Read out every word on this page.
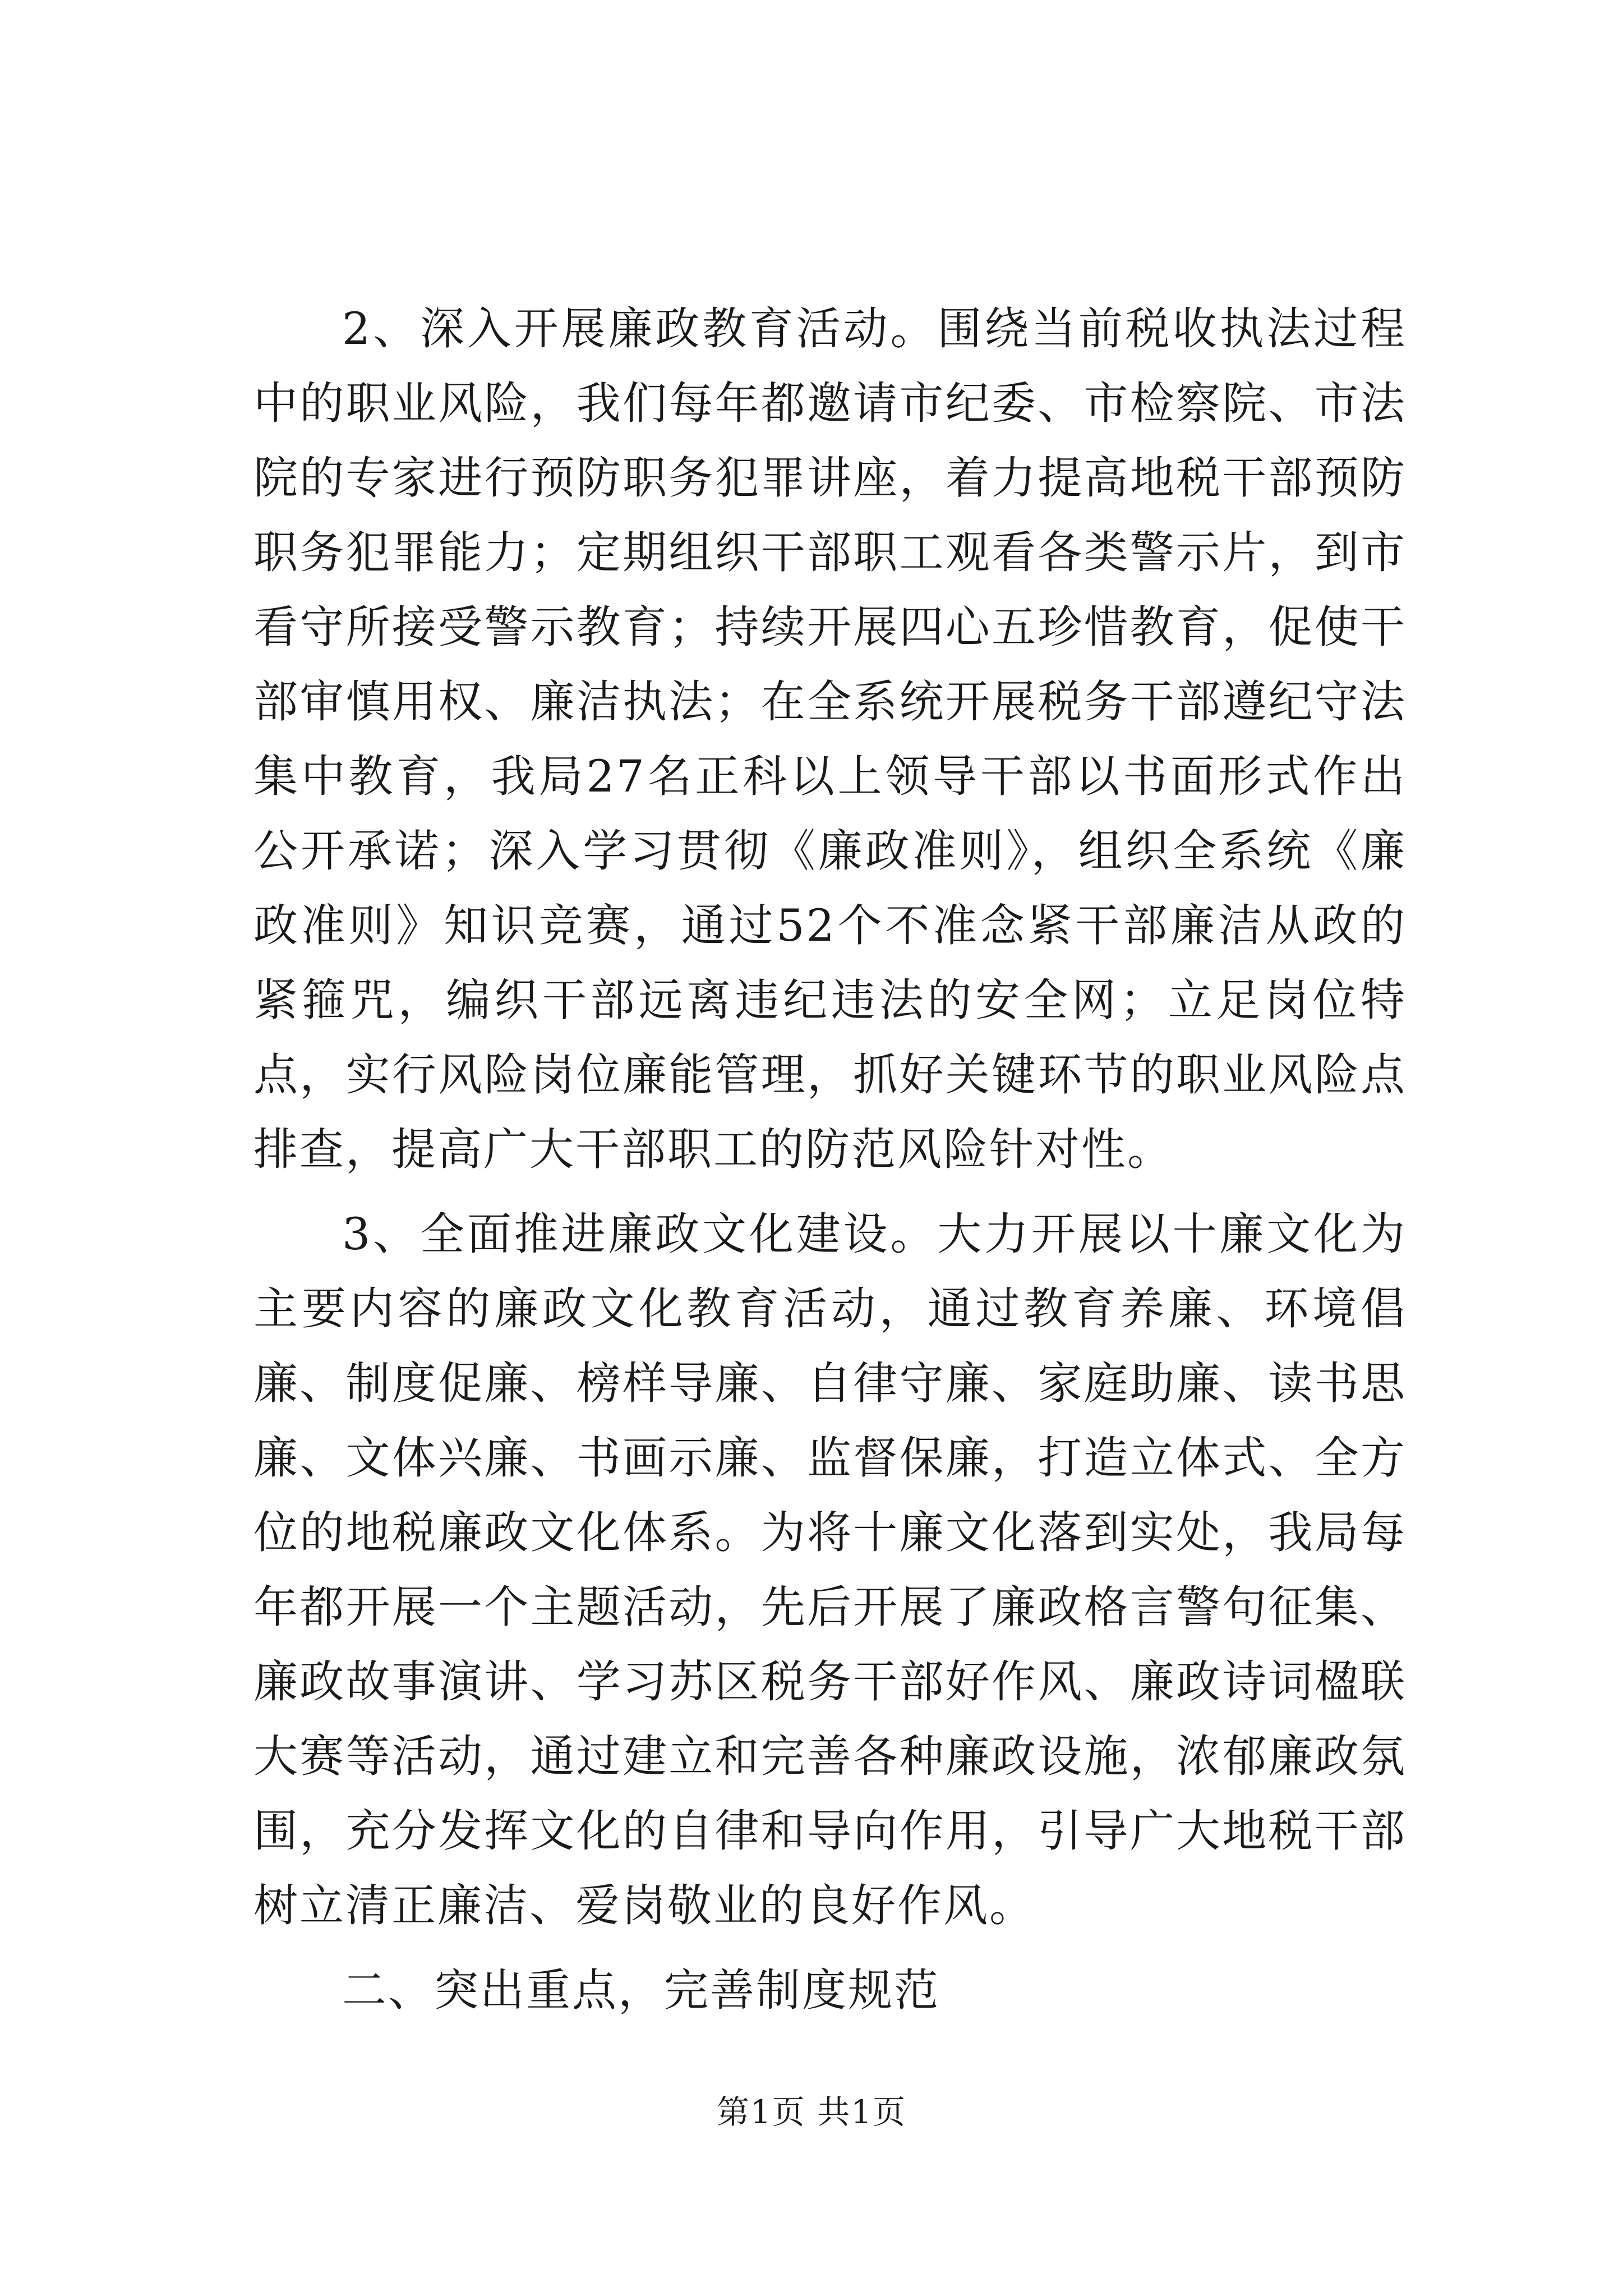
2、深入开展廉政教育活动。围绕当前税收执法过程中的职业风险，我们每年都邀请市纪委、市检察院、市法院的专家进行预防职务犯罪讲座，着力提高地税干部预防职务犯罪能力；定期组织干部职工观看各类警示片，到市看守所接受警示教育；持续开展四心五珍惜教育，促使干部审慎用权、廉洁执法；在全系统开展税务干部遵纪守法集中教育，我局27名正科以上领导干部以书面形式作出公开承诺；深入学习贯彻《廉政准则》，组织全系统《廉政准则》知识竞赛，通过52个不准念紧干部廉洁从政的紧箍咒，编织干部远离违纪违法的安全网；立足岗位特点，实行风险岗位廉能管理，抓好关键环节的职业风险点排查，提高广大干部职工的防范风险针对性。

3、全面推进廉政文化建设。大力开展以十廉文化为主要内容的廉政文化教育活动，通过教育养廉、环境倡廉、制度促廉、榜样导廉、自律守廉、家庭助廉、读书思廉、文体兴廉、书画示廉、监督保廉，打造立体式、全方位的地税廉政文化体系。为将十廉文化落到实处，我局每年都开展一个主题活动，先后开展了廉政格言警句征集、廉政故事演讲、学习苏区税务干部好作风、廉政诗词楹联大赛等活动，通过建立和完善各种廉政设施，浓郁廉政氛围，充分发挥文化的自律和导向作用，引导广大地税干部树立清正廉洁、爱岗敬业的良好作风。

二、突出重点，完善制度规范

第1页 共1页
